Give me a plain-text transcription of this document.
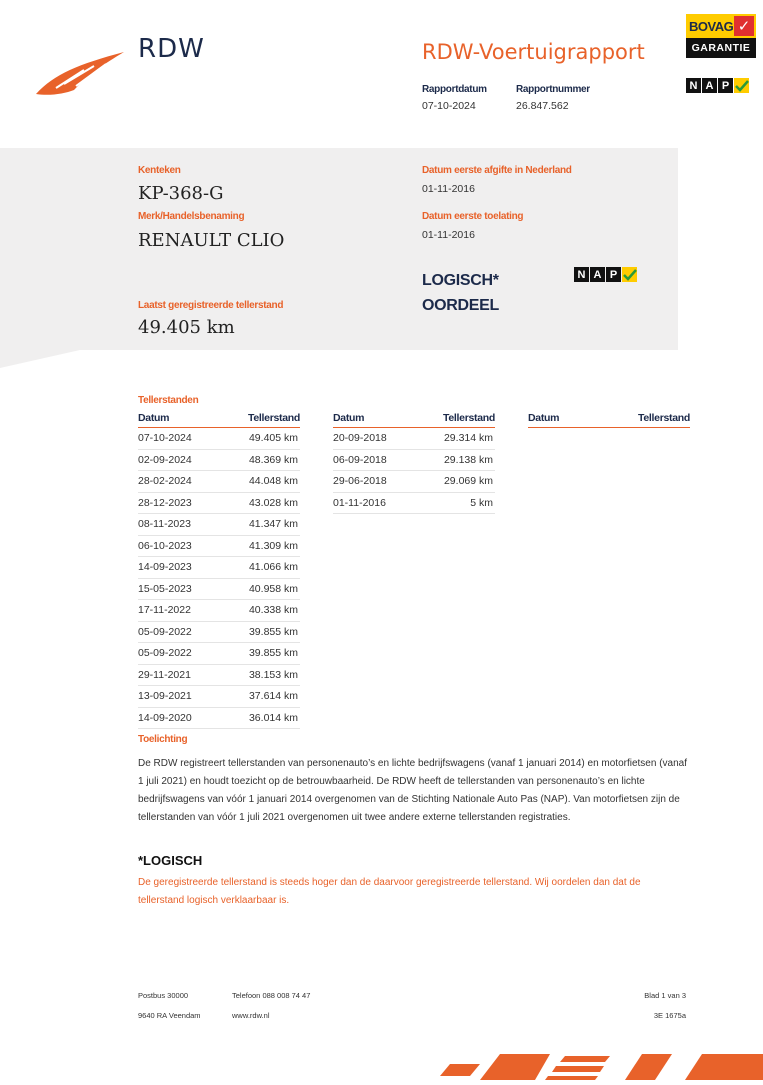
RDW	RDW-Voertuigrapport
Rapportdatum
07-10-2024
Rapportnummer
26.847.562
BOVAG ✓
GARANTIE
N A P
Kenteken
KP-368-G
Merk/Handelsbenaming
RENAULT CLIO
Laatst geregistreerde tellerstand
49.405 km
Datum eerste afgifte in Nederland
01-11-2016
Datum eerste toelating
01-11-2016
LOGISCH*
OORDEEL
N A P
Tellerstanden
Datum	Tellerstand
07-10-2024	49.405 km
02-09-2024	48.369 km
28-02-2024	44.048 km
28-12-2023	43.028 km
08-11-2023	41.347 km
06-10-2023	41.309 km
14-09-2023	41.066 km
15-05-2023	40.958 km
17-11-2022	40.338 km
05-09-2022	39.855 km
05-09-2022	39.855 km
29-11-2021	38.153 km
13-09-2021	37.614 km
14-09-2020	36.014 km
Datum	Tellerstand
20-09-2018	29.314 km
06-09-2018	29.138 km
29-06-2018	29.069 km
01-11-2016	5 km
Datum	Tellerstand
Toelichting
De RDW registreert tellerstanden van personenauto’s en lichte bedrijfswagens (vanaf 1 januari 2014) en motorfietsen (vanaf 1 juli 2021) en houdt toezicht op de betrouwbaarheid. De RDW heeft de tellerstanden van personenauto’s en lichte bedrijfswagens van vóór 1 januari 2014 overgenomen van de Stichting Nationale Auto Pas (NAP). Van motorfietsen zijn de tellerstanden van vóór 1 juli 2021 overgenomen uit twee andere externe tellerstanden registraties.
*LOGISCH
De geregistreerde tellerstand is steeds hoger dan de daarvoor geregistreerde tellerstand. Wij oordelen dan dat de tellerstand logisch verklaarbaar is.
Postbus 30000
9640 RA Veendam
Telefoon 088 008 74 47
www.rdw.nl
Blad 1 van 3
3E 1675a
